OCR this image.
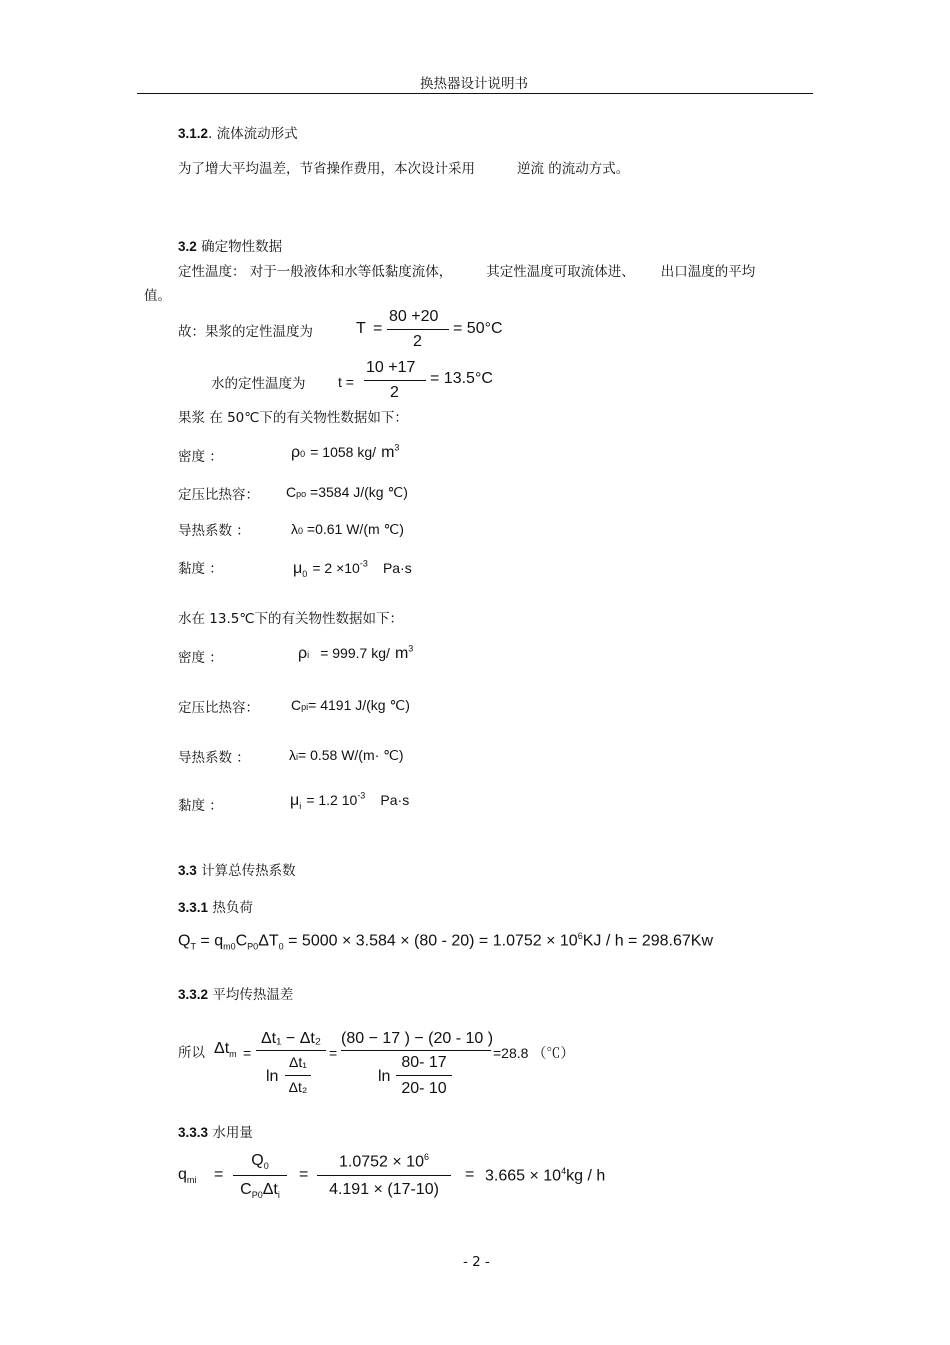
换热器设计说明书
3.1.2. 流体流动形式
为了增大平均温差，节省操作费用，本次设计采用	逆流 的流动方式。
3.2 确定物性数据
定性温度： 对于一般液体和水等低黏度流体，	其定性温度可取流体进、 出口温度的平均
值。
故：果浆的定性温度为	T =
80 +20
2
= 50°C
水的定性温度为 t =
10 +17
2
= 13.5°C
果浆 在 50℃下的有关物性数据如下：
密度 ：	ρ0 = 1058 kg/ $m^3$
定压比热容： Cpo =3584 J/(kg ℃)
导热系数 ：	λ0 =0.61 W/(m ℃)
黏度 ：	$\mu_0 = 2 \times 10^{-3}$ Pa·s
水在 13.5℃下的有关物性数据如下：
密度 ：	ρi = 999.7 kg/ $m^3$
定压比热容： Cpi= 4191 J/(kg ℃)
导热系数 ：	λi= 0.58 W/(m· ℃)
黏度 ：	$\mu_i = 1.2$ $10^{-3}$ Pa·s
3.3 计算总传热系数
3.3.1 热负荷
$Q_T = q_{m0}C_{P0}\Delta T_0 = 5000 \times 3.584 \times (80 - 20) = 1.0752 \times 10^6KJ / h = 298.67Kw$
3.3.2 平均传热温差
所以 $\Delta t_m$ =
Δt₁ − Δt₂
ln
Δt₁
Δt₂
=
(80 − 17 ) − (20 - 10 )
ln
80- 17
20- 10
=28.8 （℃）
3.3.3 水用量
$q_{mi}$ =
$Q_0$
$C_{P0}\Delta t_i$
=
$1.0752 \times 10^6$
4.191 × (17-10)
= $3.665 \times 10^4kg / h$
- 2 -
